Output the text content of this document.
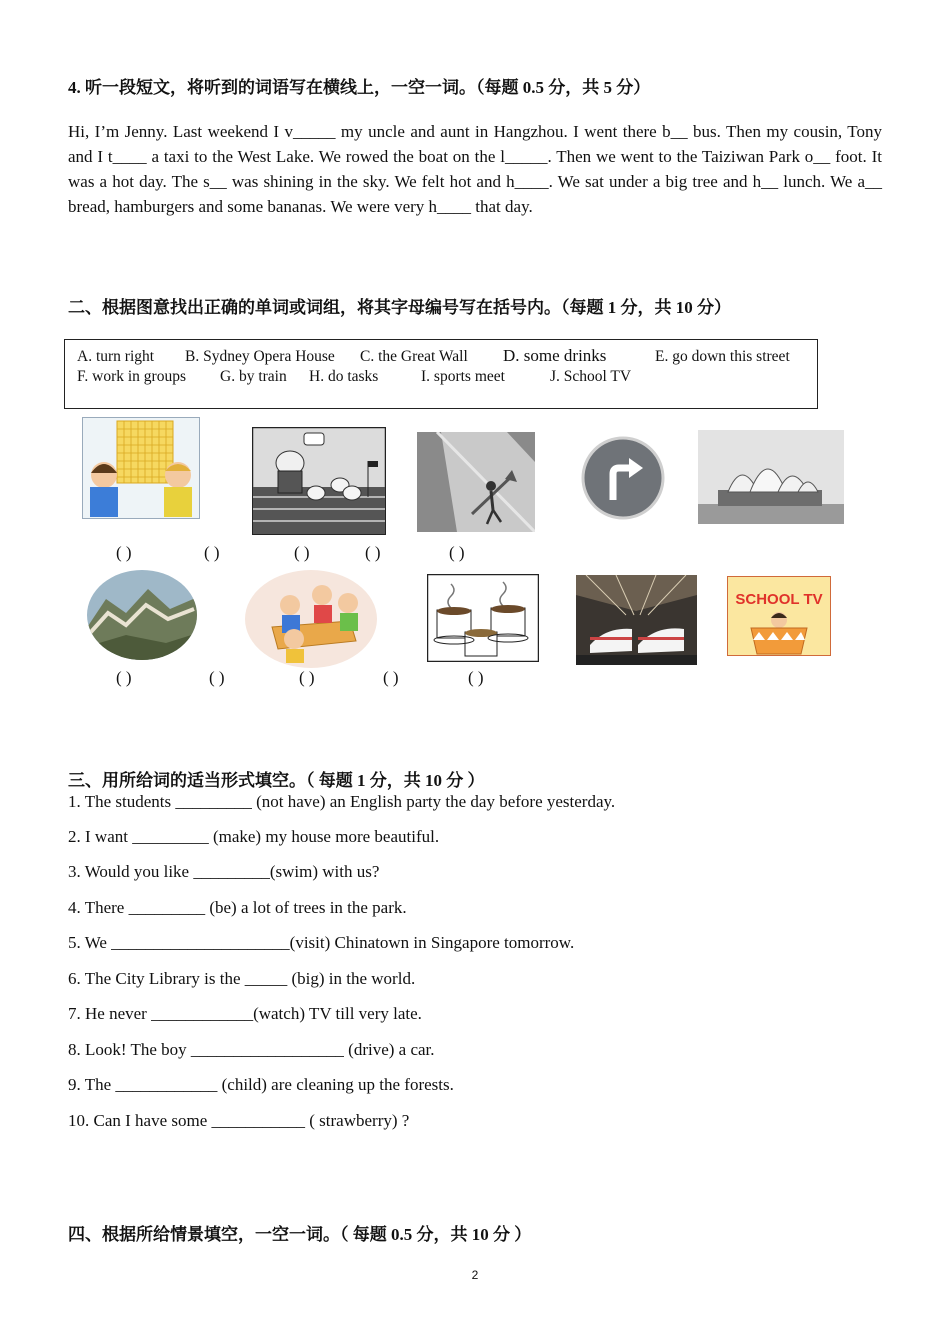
4. 听一段短文，将听到的词语写在横线上，一空一词。（每题 0.5 分，共 5 分）
Hi, I’m Jenny. Last weekend I v_____ my uncle and aunt in Hangzhou. I went there b__ bus. Then my cousin, Tony and I t____ a taxi to the West Lake. We rowed the boat on the l_____. Then we went to the Taiziwan Park o__ foot. It was a hot day. The s__ was shining in the sky. We felt hot and h____. We sat under a big tree and h__ lunch. We a__ bread, hamburgers and some bananas. We were very h____ that day.
二、根据图意找出正确的单词或词组，将其字母编号写在括号内。（每题 1 分，共 10 分）
A. turn right B. Sydney Opera House C. the Great Wall D. some drinks	E. go down this street
F. work in groups G. by train H. do tasks	I. sports meet	J. School TV
( )	( )	( )	( )	( )
SCHOOL TV
( )	( )	( )	( )	( )
三、用所给词的适当形式填空。（ 每题 1 分，共 10 分 ）
1. The students _________ (not have) an English party the day before yesterday.
2. I want _________ (make) my house more beautiful.
3. Would you like _________(swim) with us?
4. There _________ (be) a lot of trees in the park.
5. We _____________________(visit) Chinatown in Singapore tomorrow.
6. The City Library is the _____ (big) in the world.
7. He never ____________(watch) TV till very late.
8. Look! The boy __________________ (drive) a car.
9. The ____________ (child) are cleaning up the forests.
10. Can I have some ___________ ( strawberry) ?
四、根据所给情景填空，一空一词。（ 每题 0.5 分，共 10 分 ）
2
